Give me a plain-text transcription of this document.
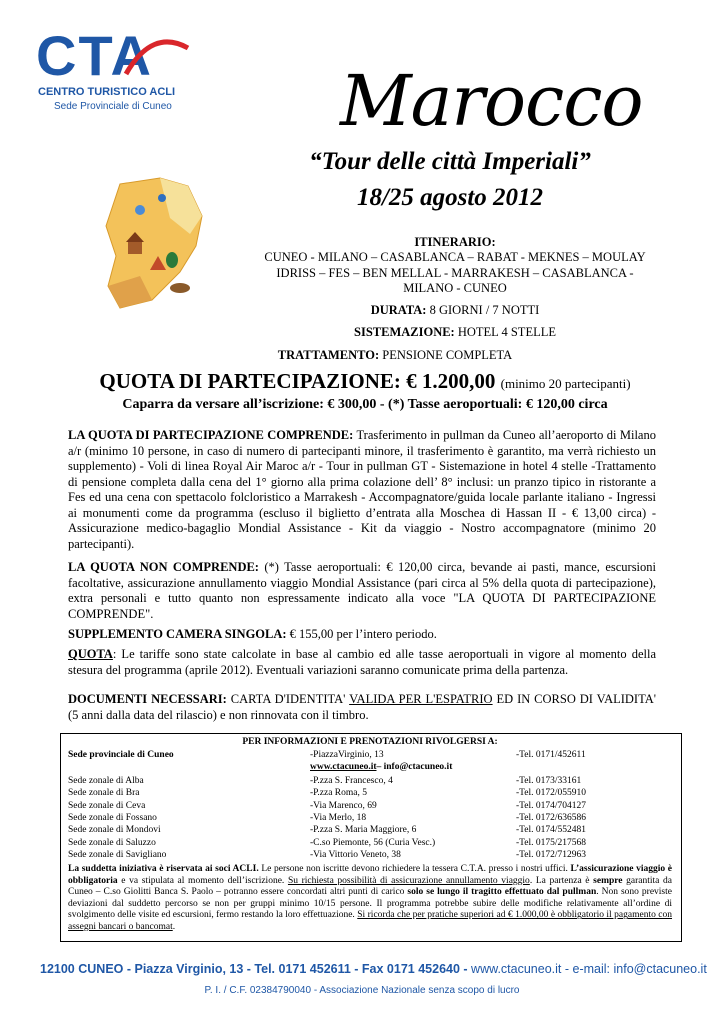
CTA
CENTRO TURISTICO ACLI
Sede Provinciale di Cuneo Marocco
“Tour delle città Imperiali”
18/25 agosto 2012
ITINERARIO:
CUNEO - MILANO – CASABLANCA – RABAT - MEKNES – MOULAY IDRISS – FES – BEN MELLAL - MARRAKESH – CASABLANCA - MILANO - CUNEO
DURATA: 8 GIORNI / 7 NOTTI
SISTEMAZIONE: HOTEL 4 STELLE
TRATTAMENTO: PENSIONE COMPLETA
QUOTA DI PARTECIPAZIONE: € 1.200,00 (minimo 20 partecipanti)
Caparra da versare all’iscrizione: € 300,00 - (*) Tasse aeroportuali: € 120,00 circa
LA QUOTA DI PARTECIPAZIONE COMPRENDE: Trasferimento in pullman da Cuneo all’aeroporto di Milano a/r (minimo 10 persone, in caso di numero di partecipanti minore, il trasferimento è garantito, ma verrà richiesto un supplemento) - Voli di linea Royal Air Maroc a/r - Tour in pullman GT - Sistemazione in hotel 4 stelle -Trattamento di pensione completa dalla cena del 1° giorno alla prima colazione dell’ 8° inclusi: un pranzo tipico in ristorante a Fes ed una cena con spettacolo folcloristico a Marrakesh - Accompagnatore/guida locale parlante italiano - Ingressi ai monumenti come da programma (escluso il biglietto d’entrata alla Moschea di Hassan II - € 13,00 circa) - Assicurazione medico-bagaglio Mondial Assistance - Kit da viaggio - Nostro accompagnatore (minimo 20 partecipanti).
LA QUOTA NON COMPRENDE: (*) Tasse aeroportuali: € 120,00 circa, bevande ai pasti, mance, escursioni facoltative, assicurazione annullamento viaggio Mondial Assistance (pari circa al 5% della quota di partecipazione), extra personali e tutto quanto non espressamente indicato alla voce "LA QUOTA DI PARTECIPAZIONE COMPRENDE".
SUPPLEMENTO CAMERA SINGOLA: € 155,00 per l’intero periodo.
QUOTA: Le tariffe sono state calcolate in base al cambio ed alle tasse aeroportuali in vigore al momento della stesura del programma (aprile 2012). Eventuali variazioni saranno comunicate prima della partenza.
DOCUMENTI NECESSARI: CARTA D'IDENTITA' VALIDA PER L'ESPATRIO ED IN CORSO DI VALIDITA' (5 anni dalla data del rilascio) e non rinnovata con il timbro.
PER INFORMAZIONI E PRENOTAZIONI RIVOLGERSI A:
Sede provinciale di Cuneo	-PiazzaVirginio, 13	-Tel. 0171/452611
www.ctacuneo.it – info@ctacuneo.it
Sede zonale di Alba	-P.zza S. Francesco, 4	-Tel. 0173/33161
Sede zonale di Bra	-P.zza Roma, 5	-Tel. 0172/055910
Sede zonale di Ceva	-Via Marenco, 69	-Tel. 0174/704127
Sede zonale di Fossano	-Via Merlo, 18	-Tel. 0172/636586
Sede zonale di Mondovi	-P.zza S. Maria Maggiore, 6	-Tel. 0174/552481
Sede zonale di Saluzzo	-C.so Piemonte, 56 (Curia Vesc.)	-Tel. 0175/217568
Sede zonale di Savigliano	-Via Vittorio Veneto, 38	-Tel. 0172/712963
La suddetta iniziativa è riservata ai soci ACLI. Le persone non iscritte devono richiedere la tessera C.T.A. presso i nostri uffici. L’assicurazione viaggio è obbligatoria e va stipulata al momento dell’iscrizione. Su richiesta possibilità di assicurazione annullamento viaggio. La partenza è sempre garantita da Cuneo – C.so Giolitti Banca S. Paolo – potranno essere concordati altri punti di carico solo se lungo il tragitto effettuato dal pullman. Non sono previste deviazioni dal suddetto percorso se non per gruppi minimo 10/15 persone. Il programma potrebbe subire delle modifiche relativamente all’ordine di svolgimento delle visite ed escursioni, fermo restando la loro effettuazione. Si ricorda che per pratiche superiori ad € 1.000,00 è obbligatorio il pagamento con assegni bancari o bancomat.
12100 CUNEO - Piazza Virginio, 13 - Tel. 0171 452611 - Fax 0171 452640 - www.ctacuneo.it - e-mail: info@ctacuneo.it
P. I. / C.F. 02384790040 - Associazione Nazionale senza scopo di lucro
